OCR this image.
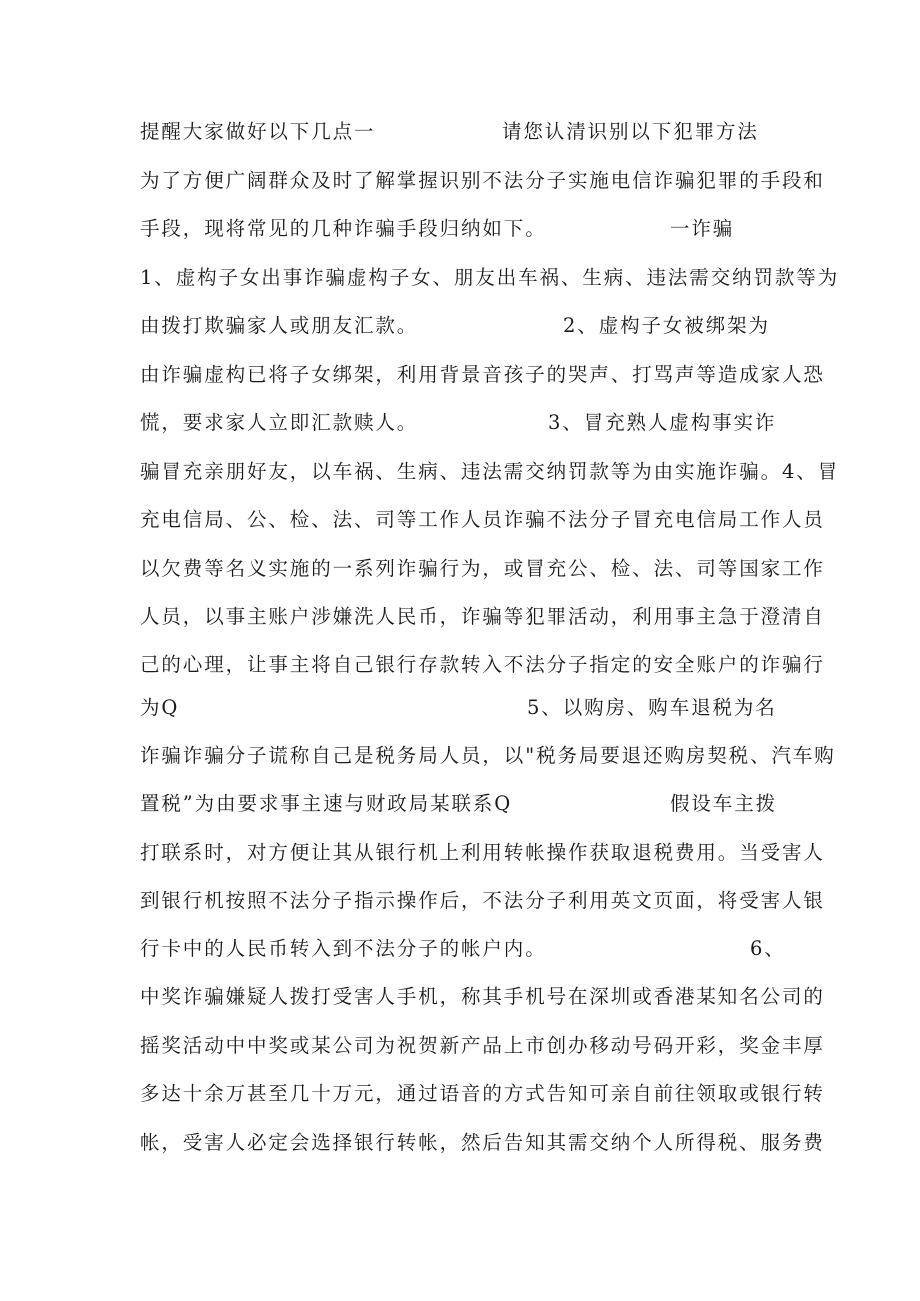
提醒大家做好以下几点一	请您认清识别以下犯罪方法
为了方便广阔群众及时了解掌握识别不法分子实施电信诈骗犯罪的手段和
手段，现将常见的几种诈骗手段归纳如下。	一诈骗
1、虚构子女出事诈骗虚构子女、朋友出车祸、生病、违法需交纳罚款等为
由拨打欺骗家人或朋友汇款。	2、虚构子女被绑架为
由诈骗虚构已将子女绑架，利用背景音孩子的哭声、打骂声等造成家人恐
慌，要求家人立即汇款赎人。	3、冒充熟人虚构事实诈
骗冒充亲朋好友，以车祸、生病、违法需交纳罚款等为由实施诈骗。4、冒
充电信局、公、检、法、司等工作人员诈骗不法分子冒充电信局工作人员
以欠费等名义实施的一系列诈骗行为，或冒充公、检、法、司等国家工作
人员，以事主账户涉嫌洗人民币，诈骗等犯罪活动，利用事主急于澄清自
己的心理，让事主将自己银行存款转入不法分子指定的安全账户的诈骗行
为Q	5、以购房、购车退税为名
诈骗诈骗分子谎称自己是税务局人员，以"税务局要退还购房契税、汽车购
置税”为由要求事主速与财政局某联系Q	假设车主拨
打联系时，对方便让其从银行机上利用转帐操作获取退税费用。当受害人
到银行机按照不法分子指示操作后，不法分子利用英文页面，将受害人银
行卡中的人民币转入到不法分子的帐户内。	6、
中奖诈骗嫌疑人拨打受害人手机，称其手机号在深圳或香港某知名公司的
摇奖活动中中奖或某公司为祝贺新产品上市创办移动号码开彩，奖金丰厚
多达十余万甚至几十万元，通过语音的方式告知可亲自前往领取或银行转
帐，受害人必定会选择银行转帐，然后告知其需交纳个人所得税、服务费
